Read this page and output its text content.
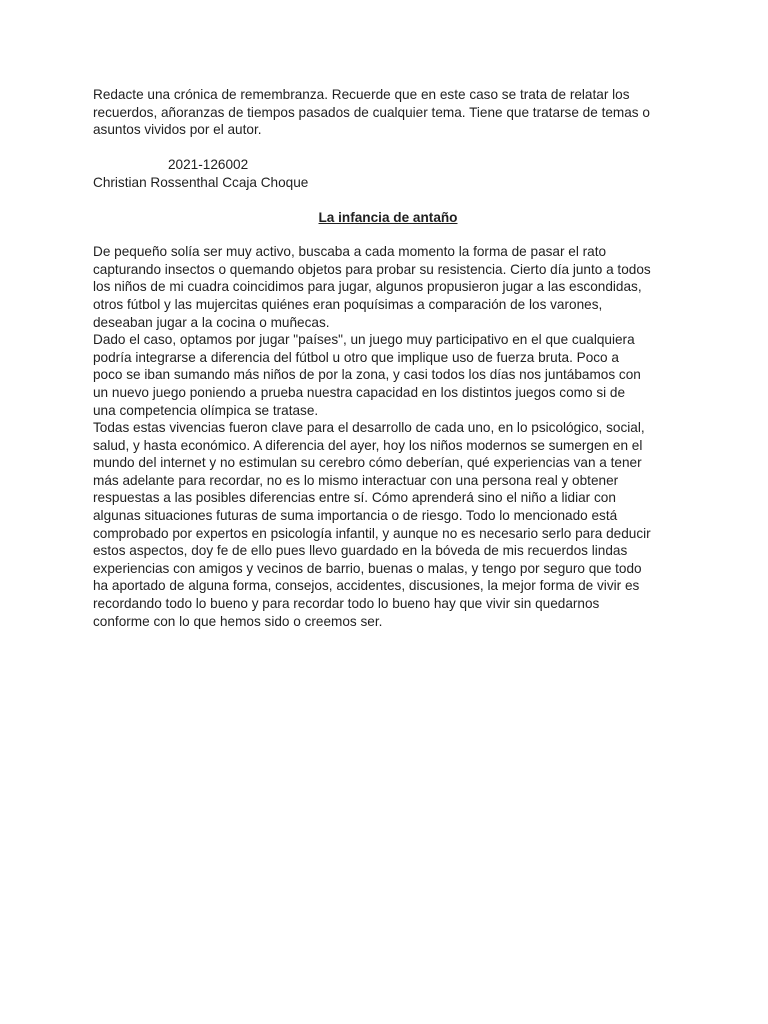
Redacte una crónica de remembranza. Recuerde que en este caso se trata de relatar los
recuerdos, añoranzas de tiempos pasados de cualquier tema. Tiene que tratarse de temas o
asuntos vividos por el autor.

2021-126002

Christian Rossenthal Ccaja Choque

La infancia de antaño

De pequeño solía ser muy activo, buscaba a cada momento la forma de pasar el rato
capturando insectos o quemando objetos para probar su resistencia. Cierto día junto a todos
los niños de mi cuadra coincidimos para jugar, algunos propusieron jugar a las escondidas,
otros fútbol y las mujercitas quiénes eran poquísimas a comparación de los varones,
deseaban jugar a la cocina o muñecas.

Dado el caso, optamos por jugar "países", un juego muy participativo en el que cualquiera
podría integrarse a diferencia del fútbol u otro que implique uso de fuerza bruta. Poco a
poco se iban sumando más niños de por la zona, y casi todos los días nos juntábamos con
un nuevo juego poniendo a prueba nuestra capacidad en los distintos juegos como si de
una competencia olímpica se tratase.

Todas estas vivencias fueron clave para el desarrollo de cada uno, en lo psicológico, social,
salud, y hasta económico. A diferencia del ayer, hoy los niños modernos se sumergen en el
mundo del internet y no estimulan su cerebro cómo deberían, qué experiencias van a tener
más adelante para recordar, no es lo mismo interactuar con una persona real y obtener
respuestas a las posibles diferencias entre sí. Cómo aprenderá sino el niño a lidiar con
algunas situaciones futuras de suma importancia o de riesgo. Todo lo mencionado está
comprobado por expertos en psicología infantil, y aunque no es necesario serlo para deducir
estos aspectos, doy fe de ello pues llevo guardado en la bóveda de mis recuerdos lindas
experiencias con amigos y vecinos de barrio, buenas o malas, y tengo por seguro que todo
ha aportado de alguna forma, consejos, accidentes, discusiones, la mejor forma de vivir es
recordando todo lo bueno y para recordar todo lo bueno hay que vivir sin quedarnos
conforme con lo que hemos sido o creemos ser.
